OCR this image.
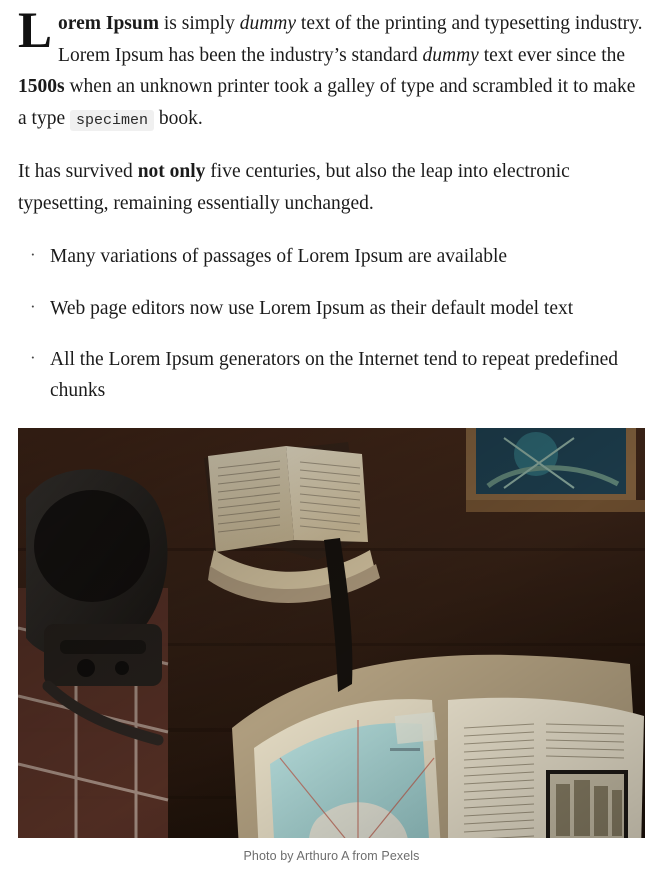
Lorem Ipsum is simply dummy text of the printing and typesetting industry. Lorem Ipsum has been the industry’s standard dummy text ever since the 1500s when an unknown printer took a galley of type and scrambled it to make a type specimen book.

It has survived not only five centuries, but also the leap into electronic typesetting, remaining essentially unchanged.

· Many variations of passages of Lorem Ipsum are available
· Web page editors now use Lorem Ipsum as their default model text
· All the Lorem Ipsum generators on the Internet tend to repeat predefined chunks
Photo by Arthuro A from Pexels
